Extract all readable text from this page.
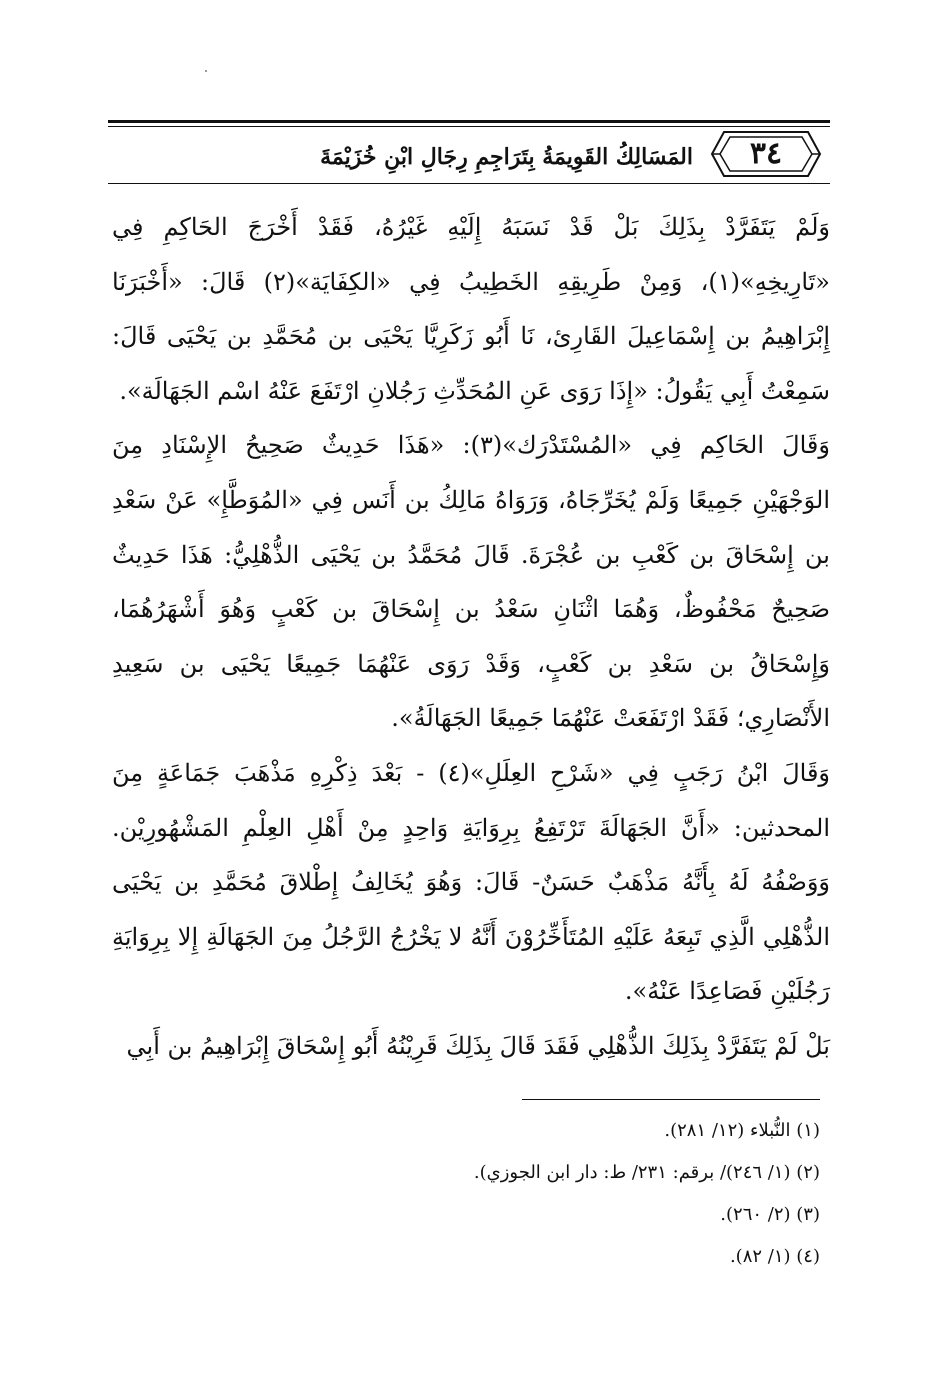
٣٤
المَسَالِكُ القَوِيمَةُ بِتَرَاجِمِ رِجَالِ ابْنِ خُزَيْمَةَ

وَلَمْ يَتَفَرَّدْ بِذَلِكَ بَلْ قَدْ نَسَبَهُ إِلَيْهِ غَيْرُهُ، فَقَدْ أَخْرَجَ الحَاكِمِ فِي «تَارِيخِهِ»(١)، وَمِنْ طَرِيقِهِ الخَطِيبُ فِي «الكِفَايَة»(٢) قَالَ: «أَخْبَرَنَا إِبْرَاهِيمُ بن إِسْمَاعِيلَ القَارِئ، نَا أَبُو زَكَرِيَّا يَحْيَى بن مُحَمَّدِ بن يَحْيَى قَالَ: سَمِعْتُ أَبِي يَقُولُ: «إِذَا رَوَى عَنِ المُحَدِّثِ رَجُلانِ ارْتَفَعَ عَنْهُ اسْم الجَهَالَة».

وَقَالَ الحَاكِم فِي «المُسْتَدْرَك»(٣): «هَذَا حَدِيثٌ صَحِيحُ الإِسْنَادِ مِنَ الوَجْهَيْنِ جَمِيعًا وَلَمْ يُخَرِّجَاهُ، وَرَوَاهُ مَالِكُ بن أَنَس فِي «المُوَطَّإِ» عَنْ سَعْدِ بن إِسْحَاقَ بن كَعْبِ بن عُجْرَةَ. قَالَ مُحَمَّدُ بن يَحْيَى الذُّهْلِيُّ: هَذَا حَدِيثٌ صَحِيحٌ مَحْفُوظٌ، وَهُمَا اثْنَانِ سَعْدُ بن إِسْحَاقَ بن كَعْبٍ وَهُوَ أَشْهَرُهُمَا، وَإِسْحَاقُ بن سَعْدِ بن كَعْبٍ، وَقَدْ رَوَى عَنْهُمَا جَمِيعًا يَحْيَى بن سَعِيدِ الأَنْصَارِي؛ فَقَدْ ارْتَفَعَتْ عَنْهُمَا جَمِيعًا الجَهَالَةُ».

وَقَالَ ابْنُ رَجَبٍ فِي «شَرْحِ العِلَلِ»(٤) - بَعْدَ ذِكْرِهِ مَذْهَبَ جَمَاعَةٍ مِنَ المحدثين: «أَنَّ الجَهَالَةَ تَرْتَفِعُ بِرِوَايَةِ وَاحِدٍ مِنْ أَهْلِ العِلْمِ المَشْهُورِيْن. وَوَصْفُهُ لَهُ بِأَنَّهُ مَذْهَبٌ حَسَنٌ- قَالَ: وَهُوَ يُخَالِفُ إِطْلاقَ مُحَمَّدِ بن يَحْيَى الذُّهْلِي الَّذِي تَبِعَهُ عَلَيْهِ المُتَأَخِّرُوْنَ أَنَّهُ لا يَخْرُجُ الرَّجُلُ مِنَ الجَهَالَةِ إِلا بِرِوَايَةِ رَجُلَيْنِ فَصَاعِدًا عَنْهُ».

بَلْ لَمْ يَتَفَرَّدْ بِذَلِكَ الذُّهْلِي فَقَدَ قَالَ بِذَلِكَ قَرِيْنُهُ أَبُو إِسْحَاقَ إِبْرَاهِيمُ بن أَبِي

(١) النُّبلاء (١٢/ ٢٨١).
(٢) (١/ ٢٤٦)/ برقم: ٢٣١/ ط: دار ابن الجوزي).
(٣) (٢/ ٢٦٠).
(٤) (١/ ٨٢).
